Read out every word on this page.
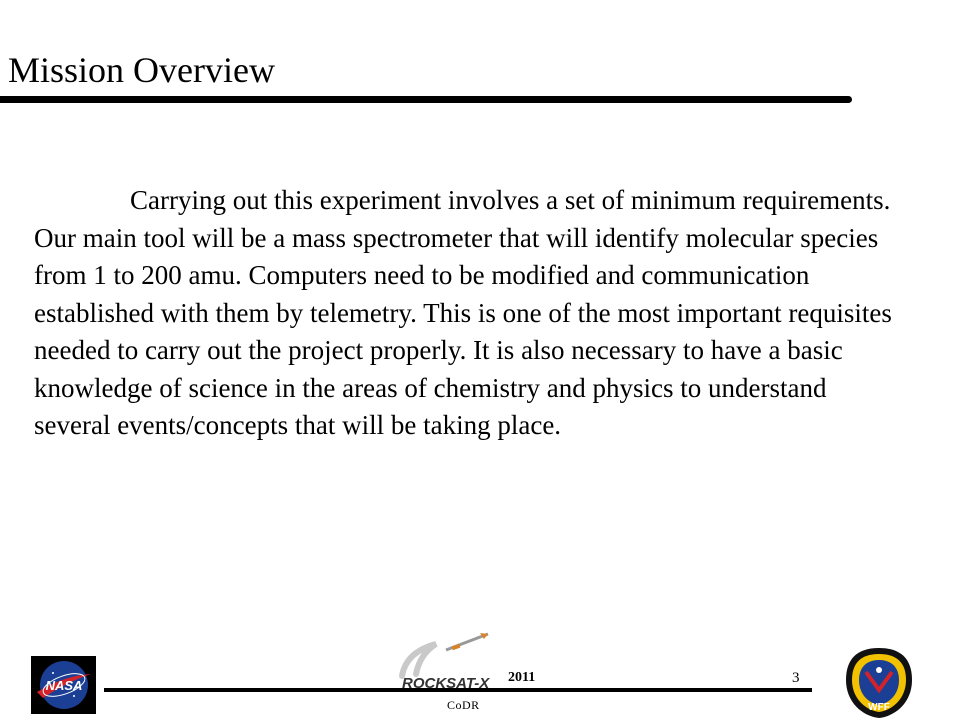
Mission Overview

Carrying out this experiment involves a set of minimum requirements. Our main tool will be a mass spectrometer that will identify molecular species from 1 to 200 amu. Computers need to be modified and communication established with them by telemetry. This is one of the most important requisites needed to carry out the project properly. It is also necessary to have a basic knowledge of science in the areas of chemistry and physics to understand several events/concepts that will be taking place.

NASA	ROCKSAT-X 2011	3
CoDR	WFF
